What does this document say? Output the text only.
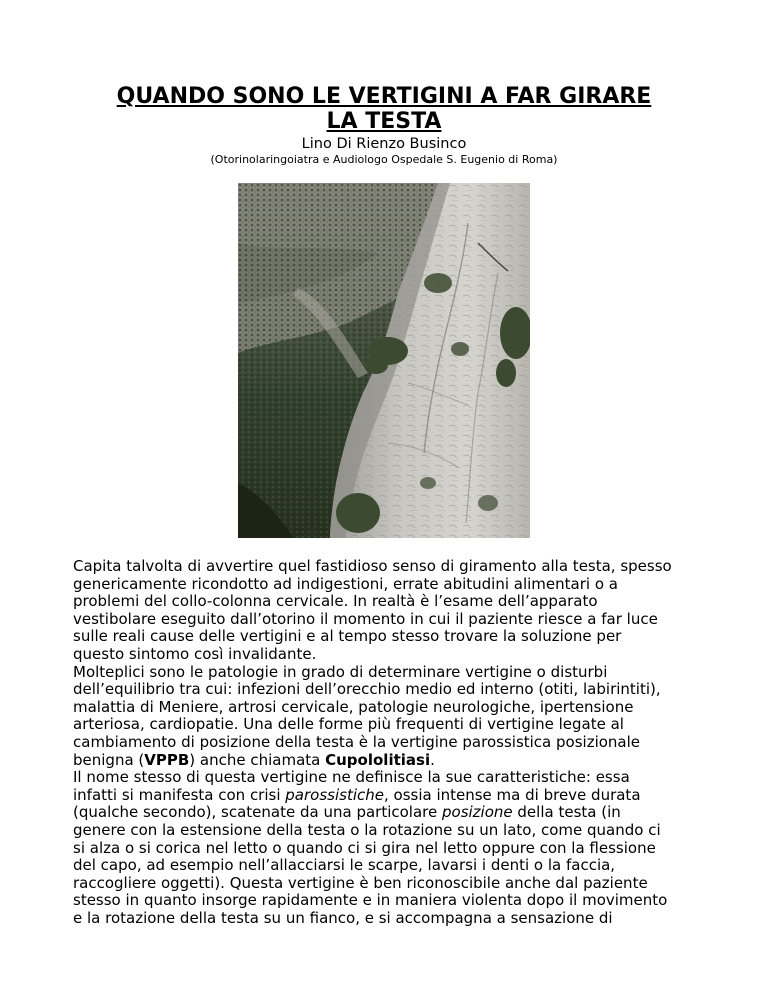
QUANDO SONO LE VERTIGINI A FAR GIRARE
LA TESTA

Lino Di Rienzo Businco

(Otorinolaringoiatra e Audiologo Ospedale S. Eugenio di Roma)

Capita talvolta di avvertire quel fastidioso senso di giramento alla testa, spesso

genericamente ricondotto ad indigestioni, errate abitudini alimentari o a

problemi del collo-colonna cervicale. In realtà è l’esame dell’apparato

vestibolare eseguito dall’otorino il momento in cui il paziente riesce a far luce

sulle reali cause delle vertigini e al tempo stesso trovare la soluzione per

questo sintomo così invalidante.

Molteplici sono le patologie in grado di determinare vertigine o disturbi

dell’equilibrio tra cui: infezioni dell’orecchio medio ed interno (otiti, labirintiti),

malattia di Meniere, artrosi cervicale, patologie neurologiche, ipertensione

arteriosa, cardiopatie. Una delle forme più frequenti di vertigine legate al

cambiamento di posizione della testa è la vertigine parossistica posizionale

benigna (VPPB) anche chiamata Cupololitiasi.

Il nome stesso di questa vertigine ne definisce la sue caratteristiche: essa

infatti si manifesta con crisi parossistiche, ossia intense ma di breve durata

(qualche secondo), scatenate da una particolare posizione della testa (in

genere con la estensione della testa o la rotazione su un lato, come quando ci

si alza o si corica nel letto o quando ci si gira nel letto oppure con la flessione

del capo, ad esempio nell’allacciarsi le scarpe, lavarsi i denti o la faccia,

raccogliere oggetti). Questa vertigine è ben riconoscibile anche dal paziente

stesso in quanto insorge rapidamente e in maniera violenta dopo il movimento

e la rotazione della testa su un fianco, e si accompagna a sensazione di
